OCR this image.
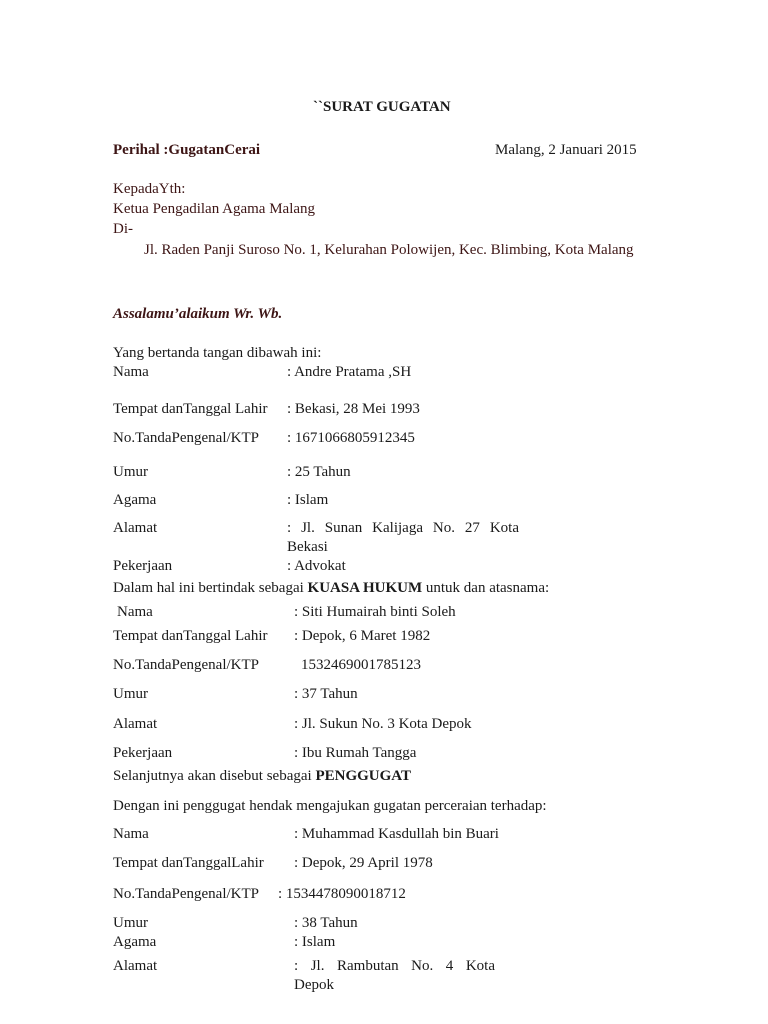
``SURAT GUGATAN
Perihal :GugatanCerai	Malang, 2 Januari 2015
KepadaYth:
Ketua Pengadilan Agama Malang
Di-
Jl. Raden Panji Suroso No. 1, Kelurahan Polowijen, Kec. Blimbing, Kota Malang
Assalamu’alaikum Wr. Wb.
Yang bertanda tangan dibawah ini:
Nama	: Andre Pratama ,SH
Tempat danTanggal Lahir : Bekasi, 28 Mei 1993
No.TandaPengenal/KTP : 1671066805912345
Umur	: 25 Tahun
Agama	: Islam
Alamat	: Jl. Sunan Kalijaga No. 27 Kota
Bekasi
Pekerjaan	: Advokat
Dalam hal ini bertindak sebagai KUASA HUKUM untuk dan atasnama:
Nama	: Siti Humairah binti Soleh
Tempat danTanggal Lahir : Depok, 6 Maret 1982
No.TandaPengenal/KTP	1532469001785123
Umur	: 37 Tahun
Alamat	: Jl. Sukun No. 3 Kota Depok
Pekerjaan	: Ibu Rumah Tangga
Selanjutnya akan disebut sebagai PENGGUGAT
Dengan ini penggugat hendak mengajukan gugatan perceraian terhadap:
Nama	: Muhammad Kasdullah bin Buari
Tempat danTanggalLahir : Depok, 29 April 1978
No.TandaPengenal/KTP : 1534478090018712
Umur	: 38 Tahun
Agama	: Islam
Alamat	: Jl. Rambutan No. 4 Kota
Depok
